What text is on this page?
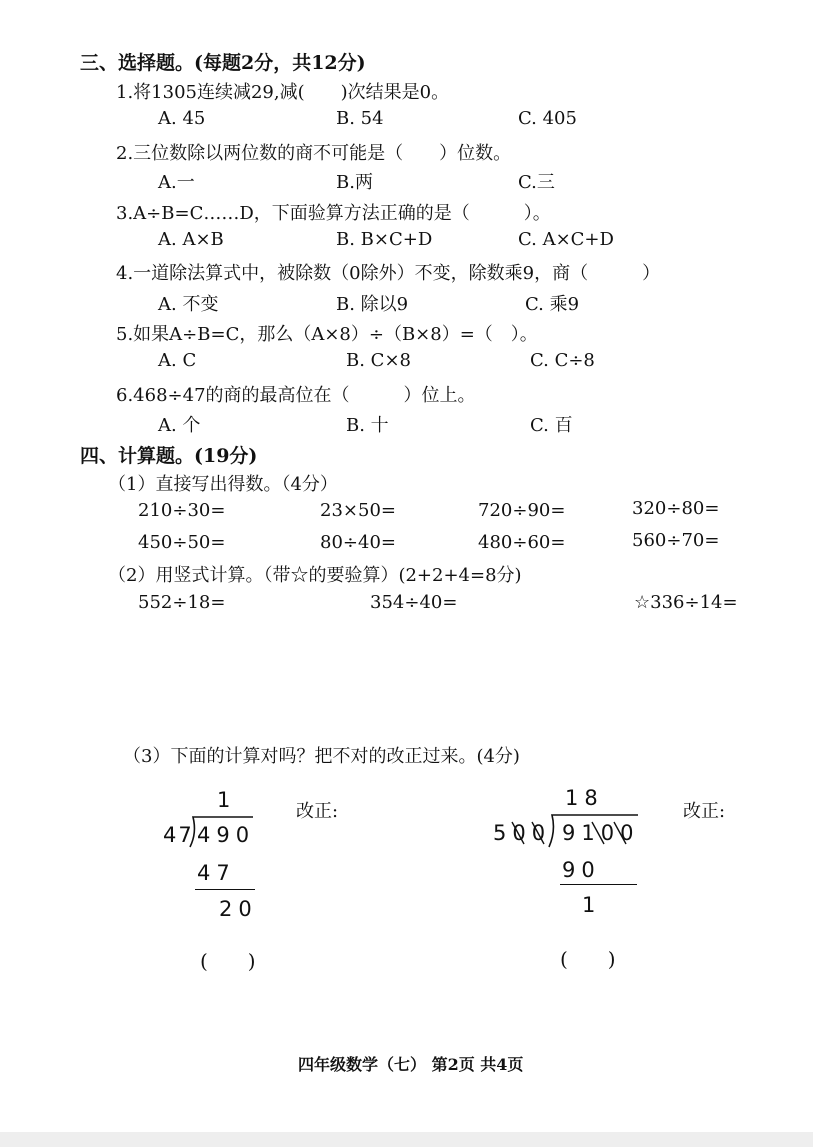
三、选择题。(每题2分，共12分)
1.将1305连续减29,减(　　)次结果是0。
A. 45	B. 54	C. 405
2.三位数除以两位数的商不可能是（　　）位数。
A.一	B.两	C.三
3.A÷B=C……D，下面验算方法正确的是（　　　）。
A. A×B	B. B×C+D	C. A×C+D
4.一道除法算式中，被除数（0除外）不变，除数乘9，商（　　　）
A. 不变	B. 除以9	C. 乘9
5.如果A÷B=C，那么（A×8）÷（B×8）=（　）。
A. C	B. C×8	C. C÷8
6.468÷47的商的最高位在（　　　）位上。
A. 个	B. 十	C. 百
四、计算题。(19分)
（1）直接写出得数。（4分）
210÷30=	23×50=	720÷90=	320÷80=
450÷50=	80÷40=	480÷60=	560÷70=
（2）用竖式计算。（带☆的要验算）(2+2+4=8分)
552÷18=	354÷40=	☆336÷14=
（3）下面的计算对吗？把不对的改正过来。(4分)
1
47 490
47
20
改正:
(　　)
18
500 9100
90
1
改正:
(　　)
四年级数学（七） 第2页 共4页
